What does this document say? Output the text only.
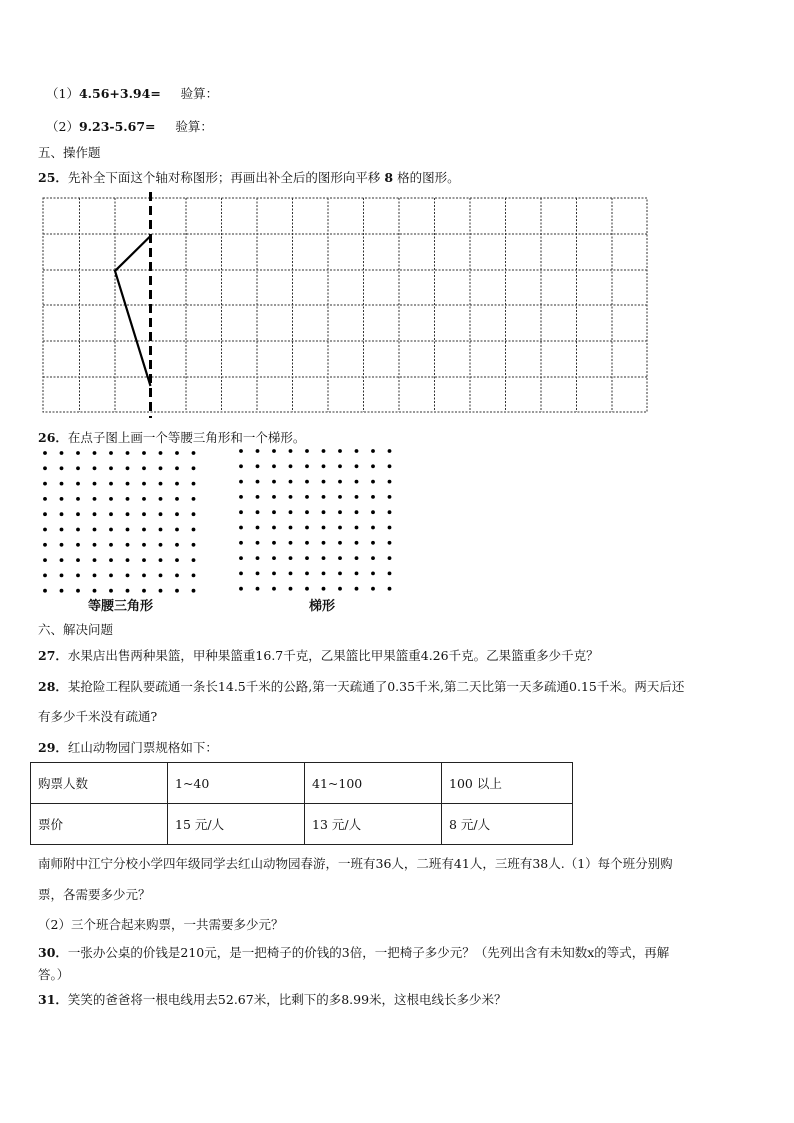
（1）4.56+3.94= 验算：
（2）9.23-5.67= 验算：
五、操作题
25．先补全下面这个轴对称图形；再画出补全后的图形向平移 8 格的图形。
26．在点子图上画一个等腰三角形和一个梯形。
等腰三角形	梯形
六、解决问题
27．水果店出售两种果篮，甲种果篮重16.7千克，乙果篮比甲果篮重4.26千克。乙果篮重多少千克？
28．某抢险工程队要疏通一条长14.5千米的公路,第一天疏通了0.35千米,第二天比第一天多疏通0.15千米。两天后还
有多少千米没有疏通?
29．红山动物园门票规格如下：
购票人数	1~40	41~100	100 以上
票价	15 元/人	13 元/人	8 元/人
南师附中江宁分校小学四年级同学去红山动物园春游，一班有36人，二班有41人，三班有38人.（1）每个班分别购
票，各需要多少元？
（2）三个班合起来购票，一共需要多少元？
30．一张办公桌的价钱是210元，是一把椅子的价钱的3倍，一把椅子多少元？（先列出含有未知数x的等式，再解
答。）
31．笑笑的爸爸将一根电线用去52.67米，比剩下的多8.99米，这根电线长多少米？
